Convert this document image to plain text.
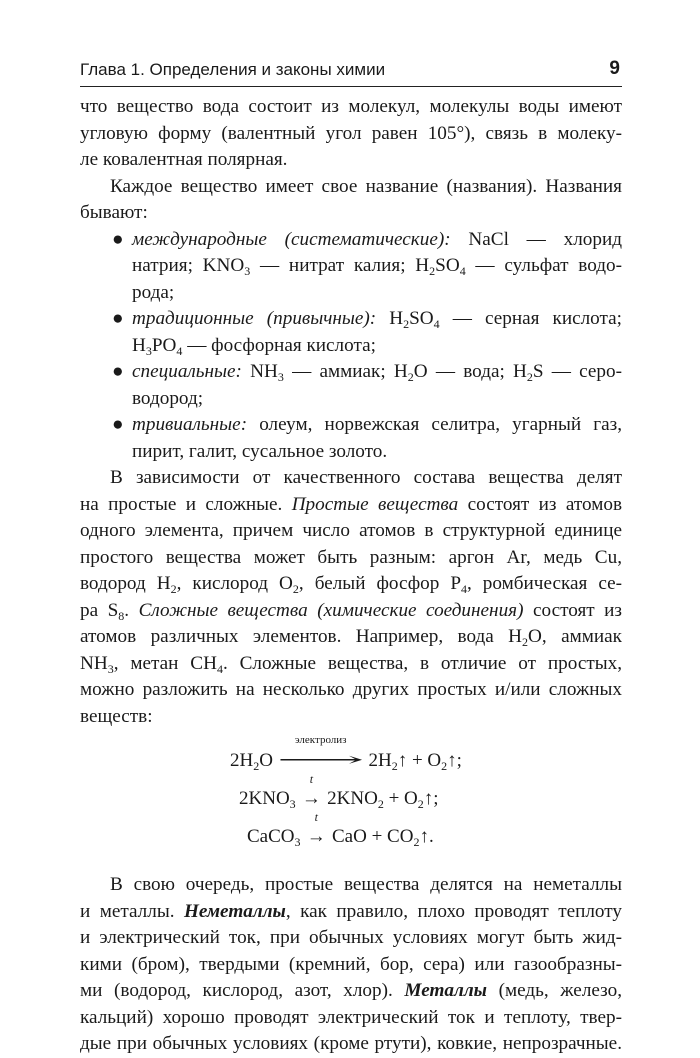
Глава 1. Определения и законы химии	9
что вещество вода состоит из молекул, молекулы воды имеют
угловую форму (валентный угол равен 105°), связь в молеку-
ле ковалентная полярная.
Каждое вещество имеет свое название (названия). Названия
бывают:
● международные (систематические): NaCl — хлорид
натрия; $KNO_3$ — нитрат калия; $H_2SO_4$ — сульфат водо-
рода;
● традиционные (привычные): $H_2SO_4$ — серная кислота;
$H_3PO_4$ — фосфорная кислота;
● специальные: $NH_3$ — аммиак; $H_2O$ — вода; $H_2S$ — серо-
водород;
● тривиальные: олеум, норвежская селитра, угарный газ,
пирит, галит, сусальное золото.
В зависимости от качественного состава вещества делят
на простые и сложные. Простые вещества состоят из атомов
одного элемента, причем число атомов в структурной единице
простого вещества может быть разным: аргон Ar, медь Cu,
водород $H_2$, кислород $O_2$, белый фосфор $P_4$, ромбическая се-
ра $S_8$. Сложные вещества (химические соединения) состоят из
атомов различных элементов. Например, вода $H_2O$, аммиак
$NH_3$, метан $CH_4$. Сложные вещества, в отличие от простых,
можно разложить на несколько других простых и/или сложных
веществ:
$2H_2O$
электролиз
⟶ $2H_2↑$ + $O_2↑$;
$2KNO_3$
t
→ $2KNO_2$ + $O_2↑$;
CaCO$_3$
t
→ CaO + $CO_2↑$.
В свою очередь, простые вещества делятся на неметаллы
и металлы. Неметаллы, как правило, плохо проводят теплоту
и электрический ток, при обычных условиях могут быть жид-
кими (бром), твердыми (кремний, бор, сера) или газообразны-
ми (водород, кислород, азот, хлор). Металлы (медь, железо,
кальций) хорошо проводят электрический ток и теплоту, твер-
дые при обычных условиях (кроме ртути), ковкие, непрозрачные.
